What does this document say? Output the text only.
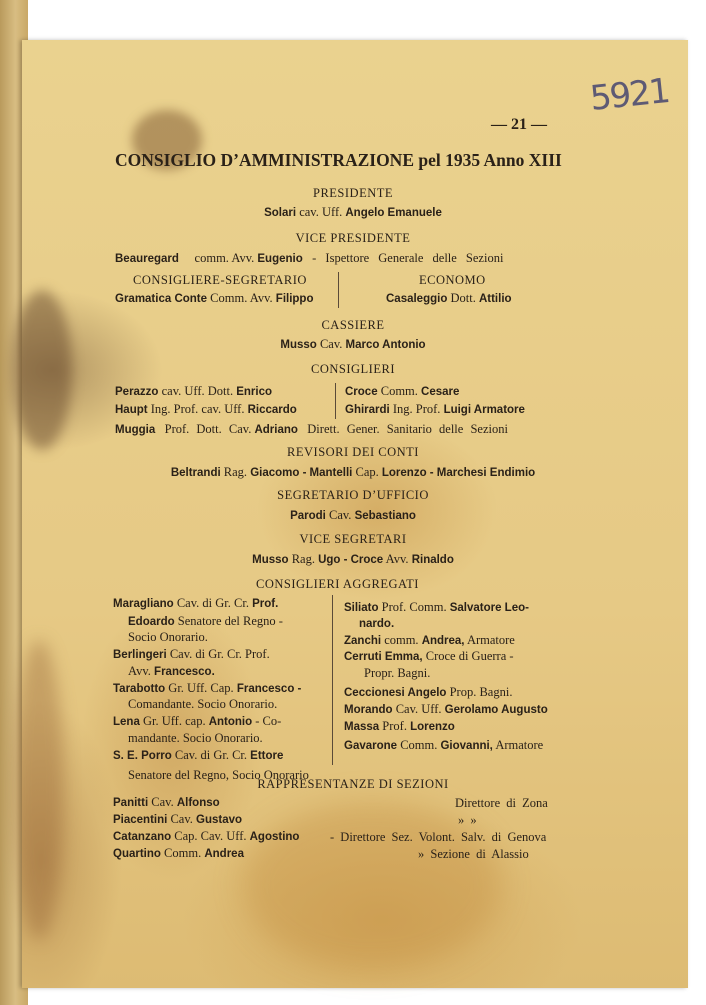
5921
— 21 —
CONSIGLIO D’AMMINISTRAZIONE pel 1935 Anno XIII
PRESIDENTE
Solari cav. Uff. Angelo Emanuele
VICE PRESIDENTE
Beauregard comm. Avv. Eugenio - Ispettore Generale delle Sezioni
CONSIGLIERE-SEGRETARIO
Gramatica Conte Comm. Avv. Filippo
ECONOMO
Casaleggio Dott. Attilio
CASSIERE
Musso Cav. Marco Antonio
CONSIGLIERI
Perazzo cav. Uff. Dott. Enrico
Haupt Ing. Prof. cav. Uff. Riccardo
Croce Comm. Cesare
Ghirardi Ing. Prof. Luigi Armatore
Muggia Prof. Dott. Cav. Adriano Dirett. Gener. Sanitario delle Sezioni
REVISORI DEI CONTI
Beltrandi Rag. Giacomo - Mantelli Cap. Lorenzo - Marchesi Endimio
SEGRETARIO D’UFFICIO
Parodi Cav. Sebastiano
VICE SEGRETARI
Musso Rag. Ugo - Croce Avv. Rinaldo
CONSIGLIERI AGGREGATI
Maragliano Cav. di Gr. Cr. Prof.
Edoardo Senatore del Regno -
Socio Onorario.
Berlingeri Cav. di Gr. Cr. Prof.
Avv. Francesco.
Tarabotto Gr. Uff. Cap. Francesco -
Comandante. Socio Onorario.
Lena Gr. Uff. cap. Antonio - Co-
mandante. Socio Onorario.
S. E. Porro Cav. di Gr. Cr. Ettore
Senatore del Regno, Socio Onorario
Siliato Prof. Comm. Salvatore Leo-
nardo.
Zanchi comm. Andrea, Armatore
Cerruti Emma, Croce di Guerra -
Propr. Bagni.
Ceccionesi Angelo Prop. Bagni.
Morando Cav. Uff. Gerolamo Augusto
Massa Prof. Lorenzo
Gavarone Comm. Giovanni, Armatore
RAPPRESENTANZE DI SEZIONI
Panitti Cav. Alfonso	Direttore di Zona
Piacentini Cav. Gustavo	» »
Catanzano Cap. Cav. Uff. Agostino - Direttore Sez. Volont. Salv. di Genova
Quartino Comm. Andrea	» Sezione di Alassio
